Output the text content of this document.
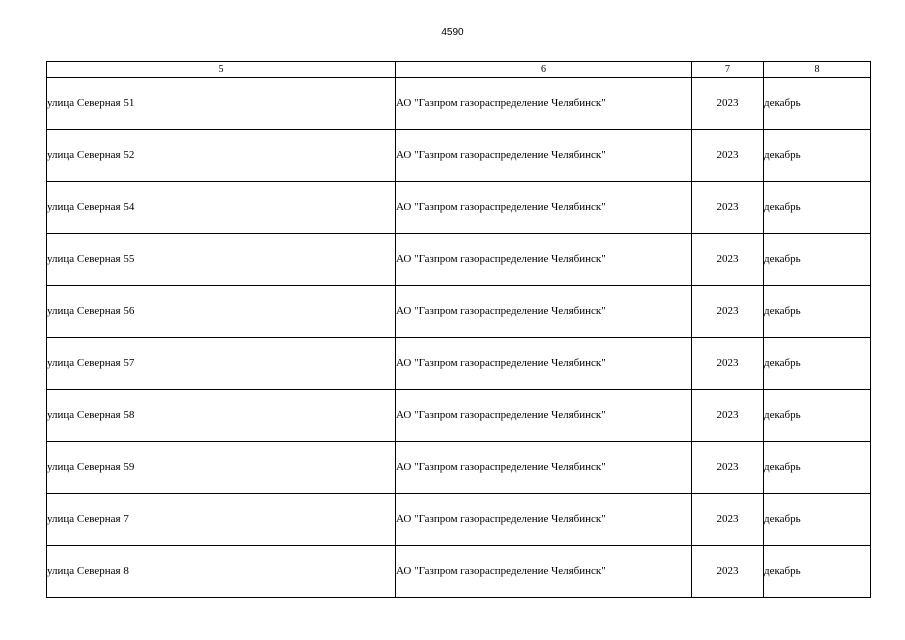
4590
5	6	7	8
улица Северная 51	АО "Газпром газораспределение Челябинск"	2023	декабрь
улица Северная 52	АО "Газпром газораспределение Челябинск"	2023	декабрь
улица Северная 54	АО "Газпром газораспределение Челябинск"	2023	декабрь
улица Северная 55	АО "Газпром газораспределение Челябинск"	2023	декабрь
улица Северная 56	АО "Газпром газораспределение Челябинск"	2023	декабрь
улица Северная 57	АО "Газпром газораспределение Челябинск"	2023	декабрь
улица Северная 58	АО "Газпром газораспределение Челябинск"	2023	декабрь
улица Северная 59	АО "Газпром газораспределение Челябинск"	2023	декабрь
улица Северная 7	АО "Газпром газораспределение Челябинск"	2023	декабрь
улица Северная 8	АО "Газпром газораспределение Челябинск"	2023	декабрь
